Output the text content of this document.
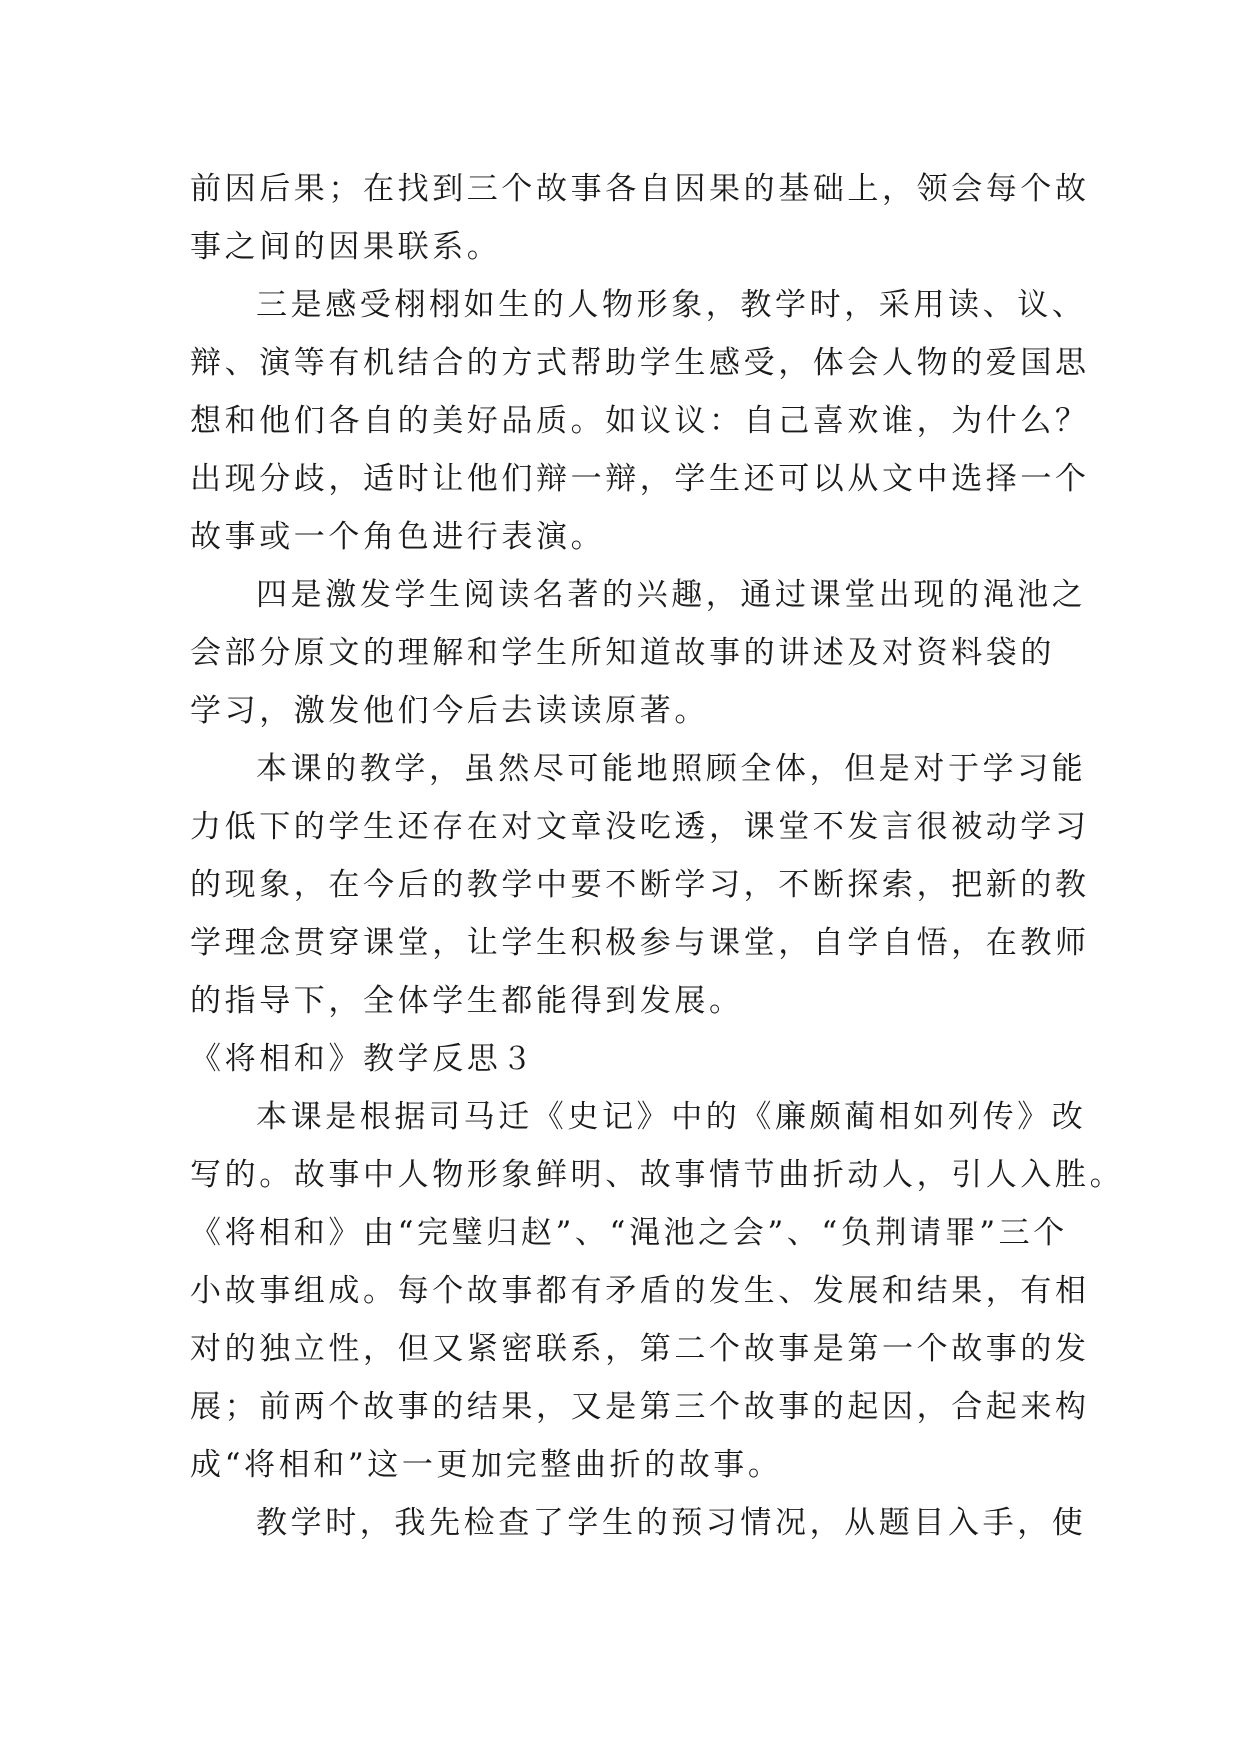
前因后果；在找到三个故事各自因果的基础上，领会每个故
事之间的因果联系。
三是感受栩栩如生的人物形象，教学时，采用读、议、
辩、演等有机结合的方式帮助学生感受，体会人物的爱国思
想和他们各自的美好品质。如议议：自己喜欢谁，为什么？
出现分歧，适时让他们辩一辩，学生还可以从文中选择一个
故事或一个角色进行表演。
四是激发学生阅读名著的兴趣，通过课堂出现的渑池之
会部分原文的理解和学生所知道故事的讲述及对资料袋的
学习，激发他们今后去读读原著。
本课的教学，虽然尽可能地照顾全体，但是对于学习能
力低下的学生还存在对文章没吃透，课堂不发言很被动学习
的现象，在今后的教学中要不断学习，不断探索，把新的教
学理念贯穿课堂，让学生积极参与课堂，自学自悟，在教师
的指导下，全体学生都能得到发展。
《将相和》教学反思３
本课是根据司马迁《史记》中的《廉颇蔺相如列传》改
写的。故事中人物形象鲜明、故事情节曲折动人，引人入胜。
《将相和》由“完璧归赵”、“渑池之会”、“负荆请罪”三个
小故事组成。每个故事都有矛盾的发生、发展和结果，有相
对的独立性，但又紧密联系，第二个故事是第一个故事的发
展；前两个故事的结果，又是第三个故事的起因，合起来构
成“将相和”这一更加完整曲折的故事。
教学时，我先检查了学生的预习情况，从题目入手，使
